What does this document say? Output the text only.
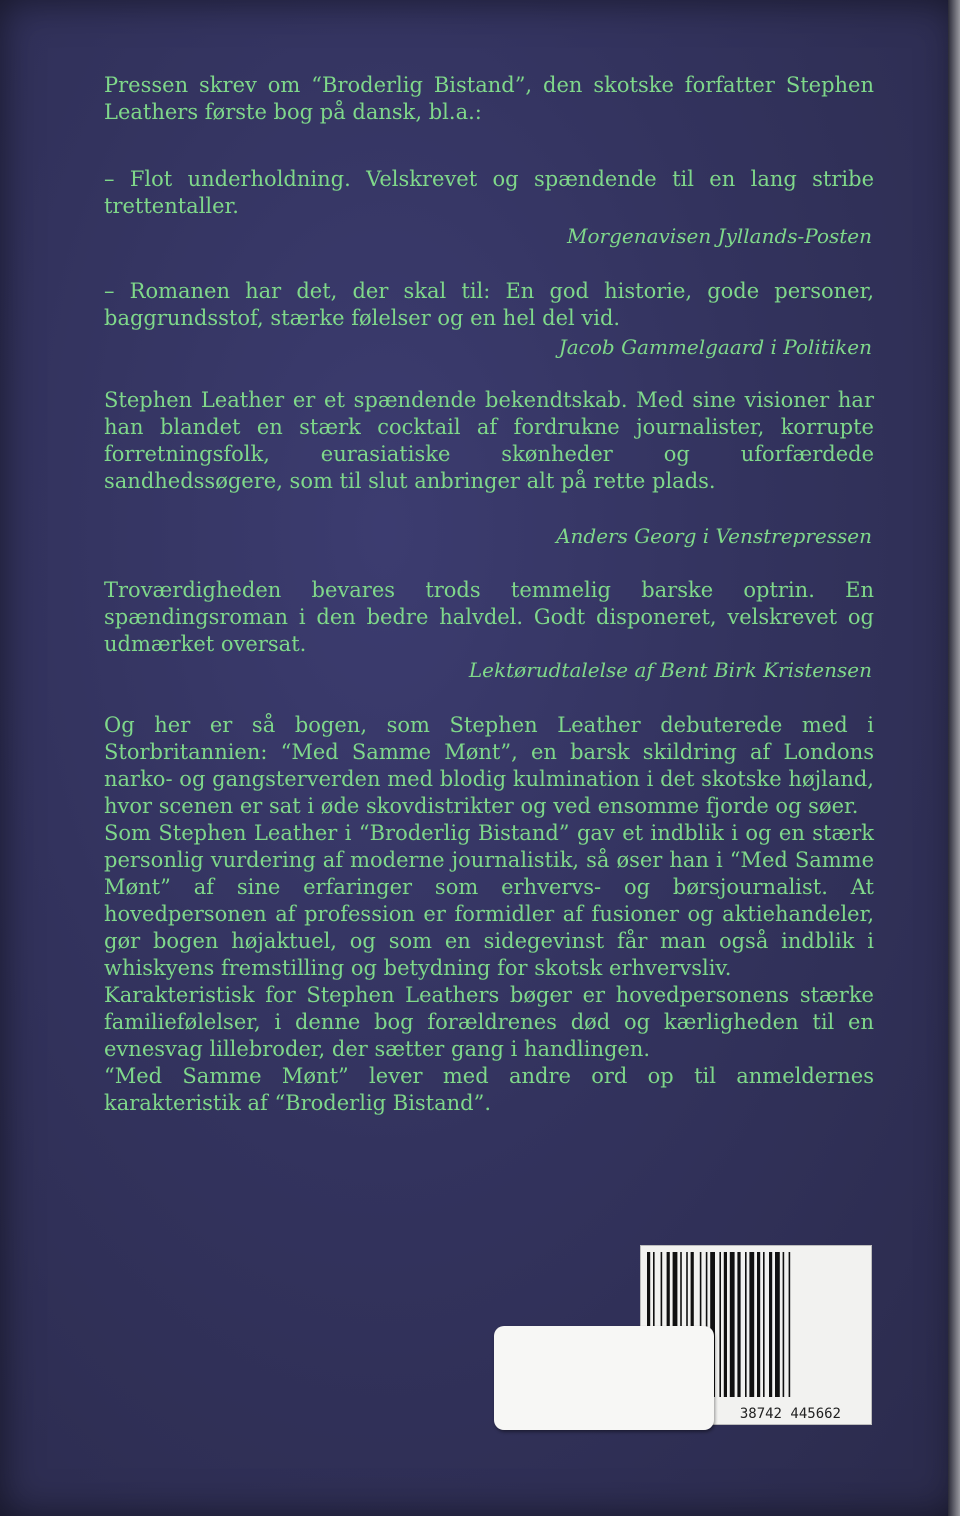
Pressen skrev om “Broderlig Bistand”, den skotske forfatter Stephen Leathers første bog på dansk, bl.a.:

– Flot underholdning. Velskrevet og spændende til en lang stribe trettentaller.

Morgenavisen Jyllands-Posten

– Romanen har det, der skal til: En god historie, gode personer, baggrundsstof, stærke følelser og en hel del vid.

Jacob Gammelgaard i Politiken

Stephen Leather er et spændende bekendtskab. Med sine visioner har han blandet en stærk cocktail af fordrukne journalister, korrupte forretningsfolk, eurasiatiske skønheder og uforfærdede sandhedssøgere, som til slut anbringer alt på rette plads.

Anders Georg i Venstrepressen

Troværdigheden bevares trods temmelig barske optrin. En spændingsroman i den bedre halvdel. Godt disponeret, velskrevet og udmærket oversat.

Lektørudtalelse af Bent Birk Kristensen

Og her er så bogen, som Stephen Leather debuterede med i Storbritannien: “Med Samme Mønt”, en barsk skildring af Londons narko- og gangsterverden med blodig kulmination i det skotske højland, hvor scenen er sat i øde skovdistrikter og ved ensomme fjorde og søer.

Som Stephen Leather i “Broderlig Bistand” gav et indblik i og en stærk personlig vurdering af moderne journalistik, så øser han i “Med Samme Mønt” af sine erfaringer som erhvervs- og børsjournalist. At hovedpersonen af profession er formidler af fusioner og aktiehandeler, gør bogen højaktuel, og som en sidegevinst får man også indblik i whiskyens fremstilling og betydning for skotsk erhvervsliv.

Karakteristisk for Stephen Leathers bøger er hovedpersonens stærke familiefølelser, i denne bog forældrenes død og kærligheden til en evnesvag lillebroder, der sætter gang i handlingen.

“Med Samme Mønt” lever med andre ord op til anmeldernes karakteristik af “Broderlig Bistand”.

38742 445662
